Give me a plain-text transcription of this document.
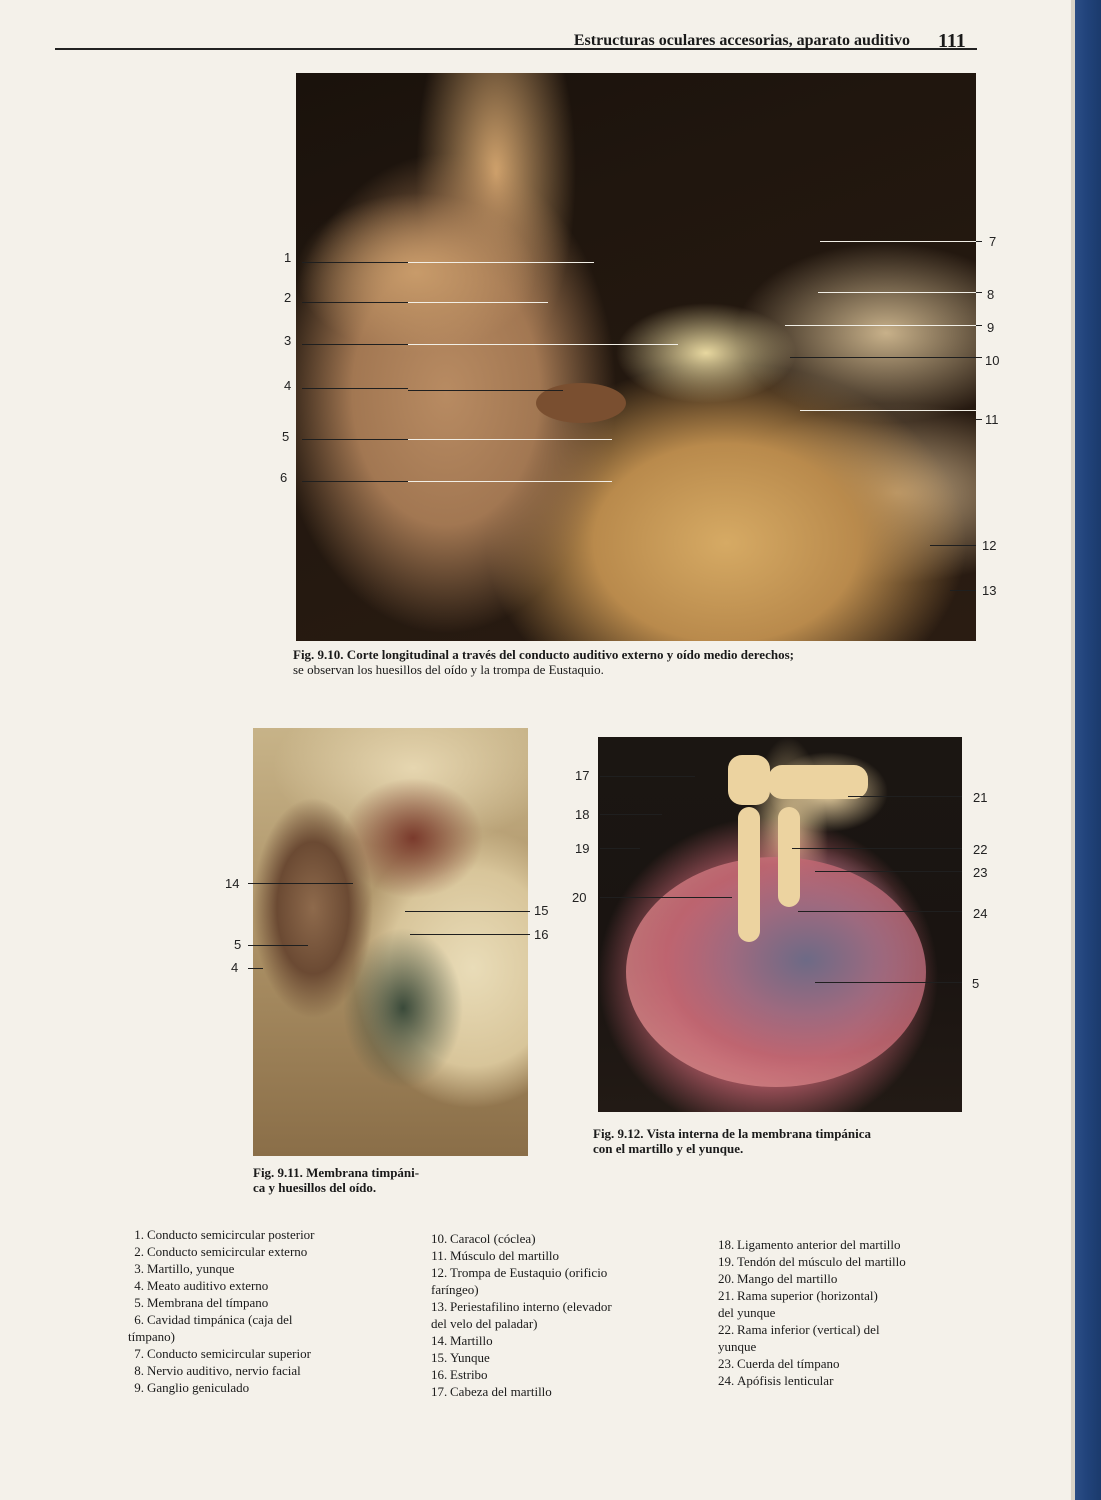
Estructuras oculares accesorias, aparato auditivo 111
1
2
3
4
5
6
7
8
9
10
11
12
13
Fig. 9.10. Corte longitudinal a través del conducto auditivo externo y oído medio derechos;
se observan los huesillos del oído y la trompa de Eustaquio.
14
5
4
15
16
Fig. 9.11. Membrana timpáni-
ca y huesillos del oído.
17
18
19
20
21
22
23
24
5
Fig. 9.12. Vista interna de la membrana timpánica
con el martillo y el yunque.
1. Conducto semicircular posterior
2. Conducto semicircular externo
3. Martillo, yunque
4. Meato auditivo externo
5. Membrana del tímpano
6. Cavidad timpánica (caja del
tímpano)
7. Conducto semicircular superior
8. Nervio auditivo, nervio facial
9. Ganglio geniculado
10. Caracol (cóclea)
11. Músculo del martillo
12. Trompa de Eustaquio (orificio
faríngeo)
13. Periestafilino interno (elevador
del velo del paladar)
14. Martillo
15. Yunque
16. Estribo
17. Cabeza del martillo
18. Ligamento anterior del martillo
19. Tendón del músculo del martillo
20. Mango del martillo
21. Rama superior (horizontal)
del yunque
22. Rama inferior (vertical) del
yunque
23. Cuerda del tímpano
24. Apófisis lenticular
